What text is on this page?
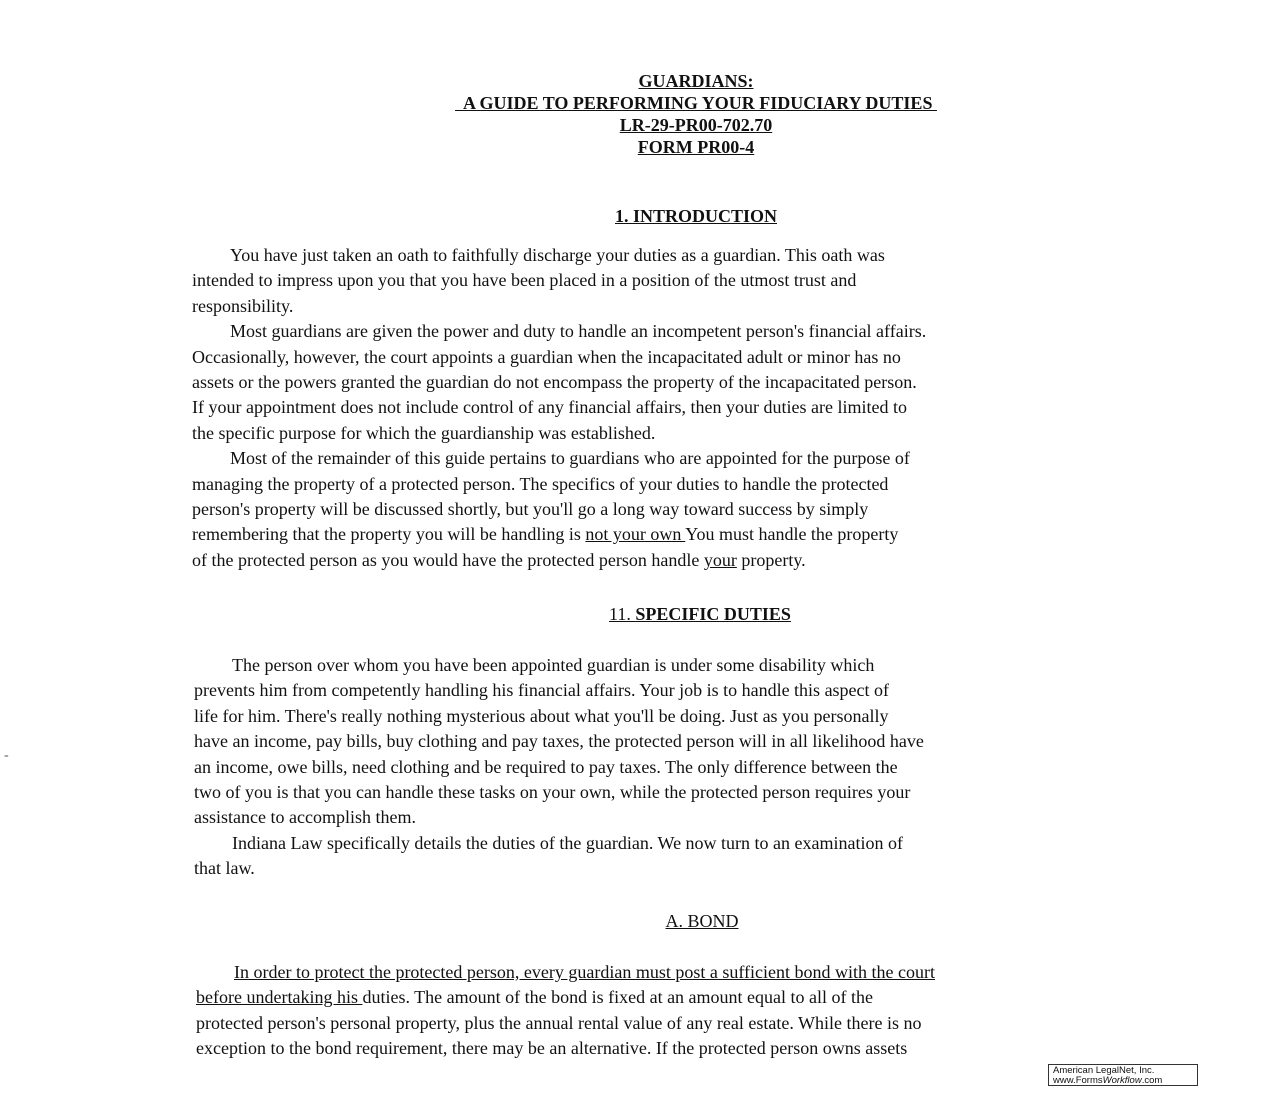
GUARDIANS:
A GUIDE TO PERFORMING YOUR FIDUCIARY DUTIES
LR-29-PR00-702.70
FORM PR00-4
1. INTRODUCTION
You have just taken an oath to faithfully discharge your duties as a guardian. This oath was
intended to impress upon you that you have been placed in a position of the utmost trust and
responsibility.
Most guardians are given the power and duty to handle an incompetent person's financial affairs.
Occasionally, however, the court appoints a guardian when the incapacitated adult or minor has no
assets or the powers granted the guardian do not encompass the property of the incapacitated person.
If your appointment does not include control of any financial affairs, then your duties are limited to
the specific purpose for which the guardianship was established.
Most of the remainder of this guide pertains to guardians who are appointed for the purpose of
managing the property of a protected person. The specifics of your duties to handle the protected
person's property will be discussed shortly, but you'll go a long way toward success by simply
remembering that the property you will be handling is not your own You must handle the property
of the protected person as you would have the protected person handle your property.
11. SPECIFIC DUTIES
-
The person over whom you have been appointed guardian is under some disability which
prevents him from competently handling his financial affairs. Your job is to handle this aspect of
life for him. There's really nothing mysterious about what you'll be doing. Just as you personally
have an income, pay bills, buy clothing and pay taxes, the protected person will in all likelihood have
an income, owe bills, need clothing and be required to pay taxes. The only difference between the
two of you is that you can handle these tasks on your own, while the protected person requires your
assistance to accomplish them.
Indiana Law specifically details the duties of the guardian. We now turn to an examination of
that law.
A. BOND
In order to protect the protected person, every guardian must post a sufficient bond with the court
before undertaking his duties. The amount of the bond is fixed at an amount equal to all of the
protected person's personal property, plus the annual rental value of any real estate. While there is no
exception to the bond requirement, there may be an alternative. If the protected person owns assets
American LegalNet, Inc.
www.FormsWorkflow.com
